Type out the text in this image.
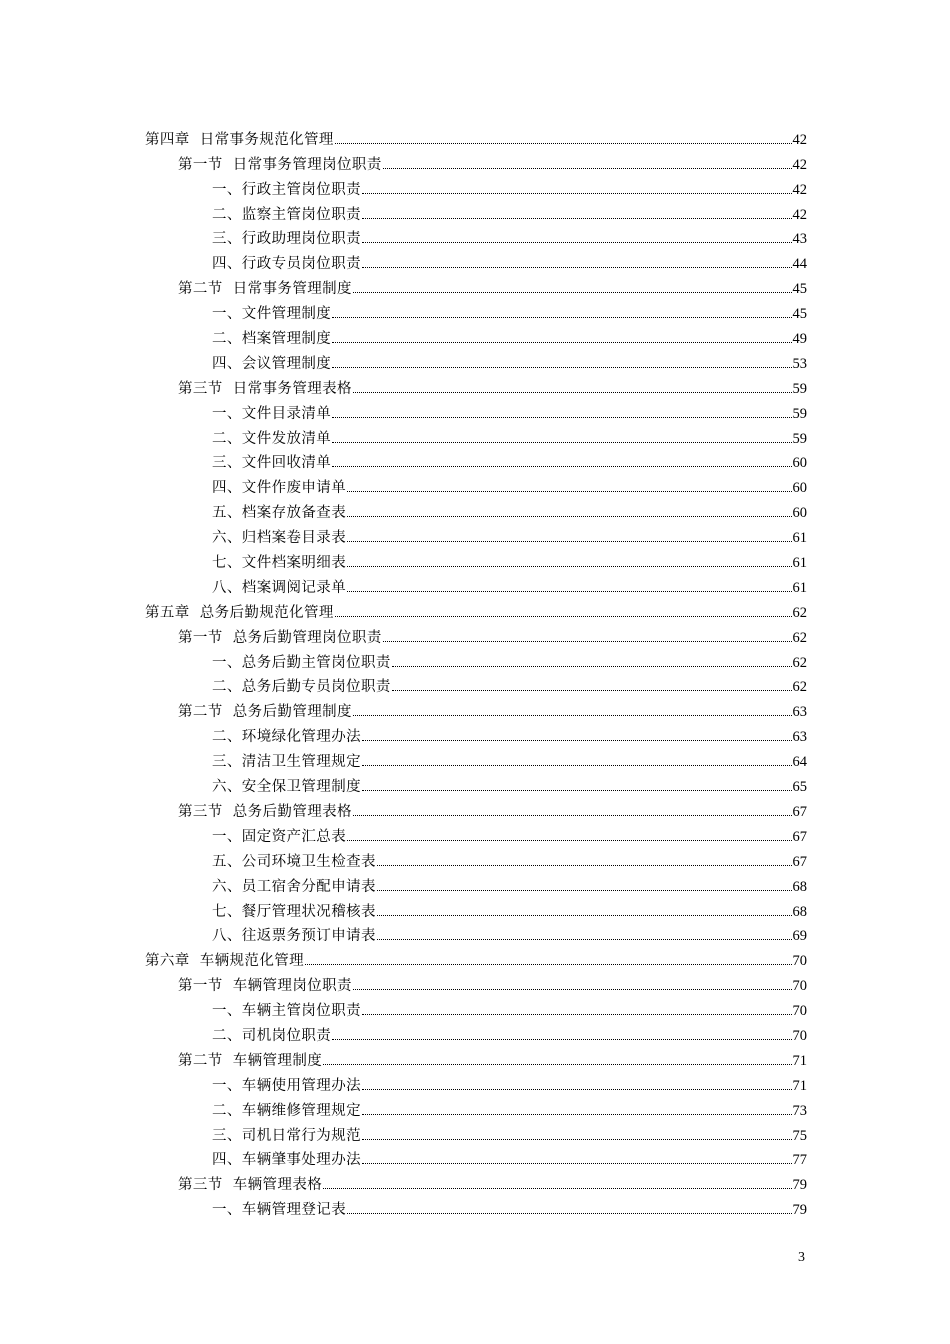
第四章  日常事务规范化管理	42
第一节  日常事务管理岗位职责	42
一、行政主管岗位职责	42
二、监察主管岗位职责	42
三、行政助理岗位职责	43
四、行政专员岗位职责	44
第二节  日常事务管理制度	45
一、文件管理制度	45
二、档案管理制度	49
四、会议管理制度	53
第三节  日常事务管理表格	59
一、文件目录清单	59
二、文件发放清单	59
三、文件回收清单	60
四、文件作废申请单	60
五、档案存放备查表	60
六、归档案卷目录表	61
七、文件档案明细表	61
八、档案调阅记录单	61
第五章  总务后勤规范化管理	62
第一节  总务后勤管理岗位职责	62
一、总务后勤主管岗位职责	62
二、总务后勤专员岗位职责	62
第二节  总务后勤管理制度	63
二、环境绿化管理办法	63
三、清洁卫生管理规定	64
六、安全保卫管理制度	65
第三节  总务后勤管理表格	67
一、固定资产汇总表	67
五、公司环境卫生检查表	67
六、员工宿舍分配申请表	68
七、餐厅管理状况稽核表	68
八、往返票务预订申请表	69
第六章  车辆规范化管理	70
第一节  车辆管理岗位职责	70
一、车辆主管岗位职责	70
二、司机岗位职责	70
第二节  车辆管理制度	71
一、车辆使用管理办法	71
二、车辆维修管理规定	73
三、司机日常行为规范	75
四、车辆肇事处理办法	77
第三节  车辆管理表格	79
一、车辆管理登记表	79
3
